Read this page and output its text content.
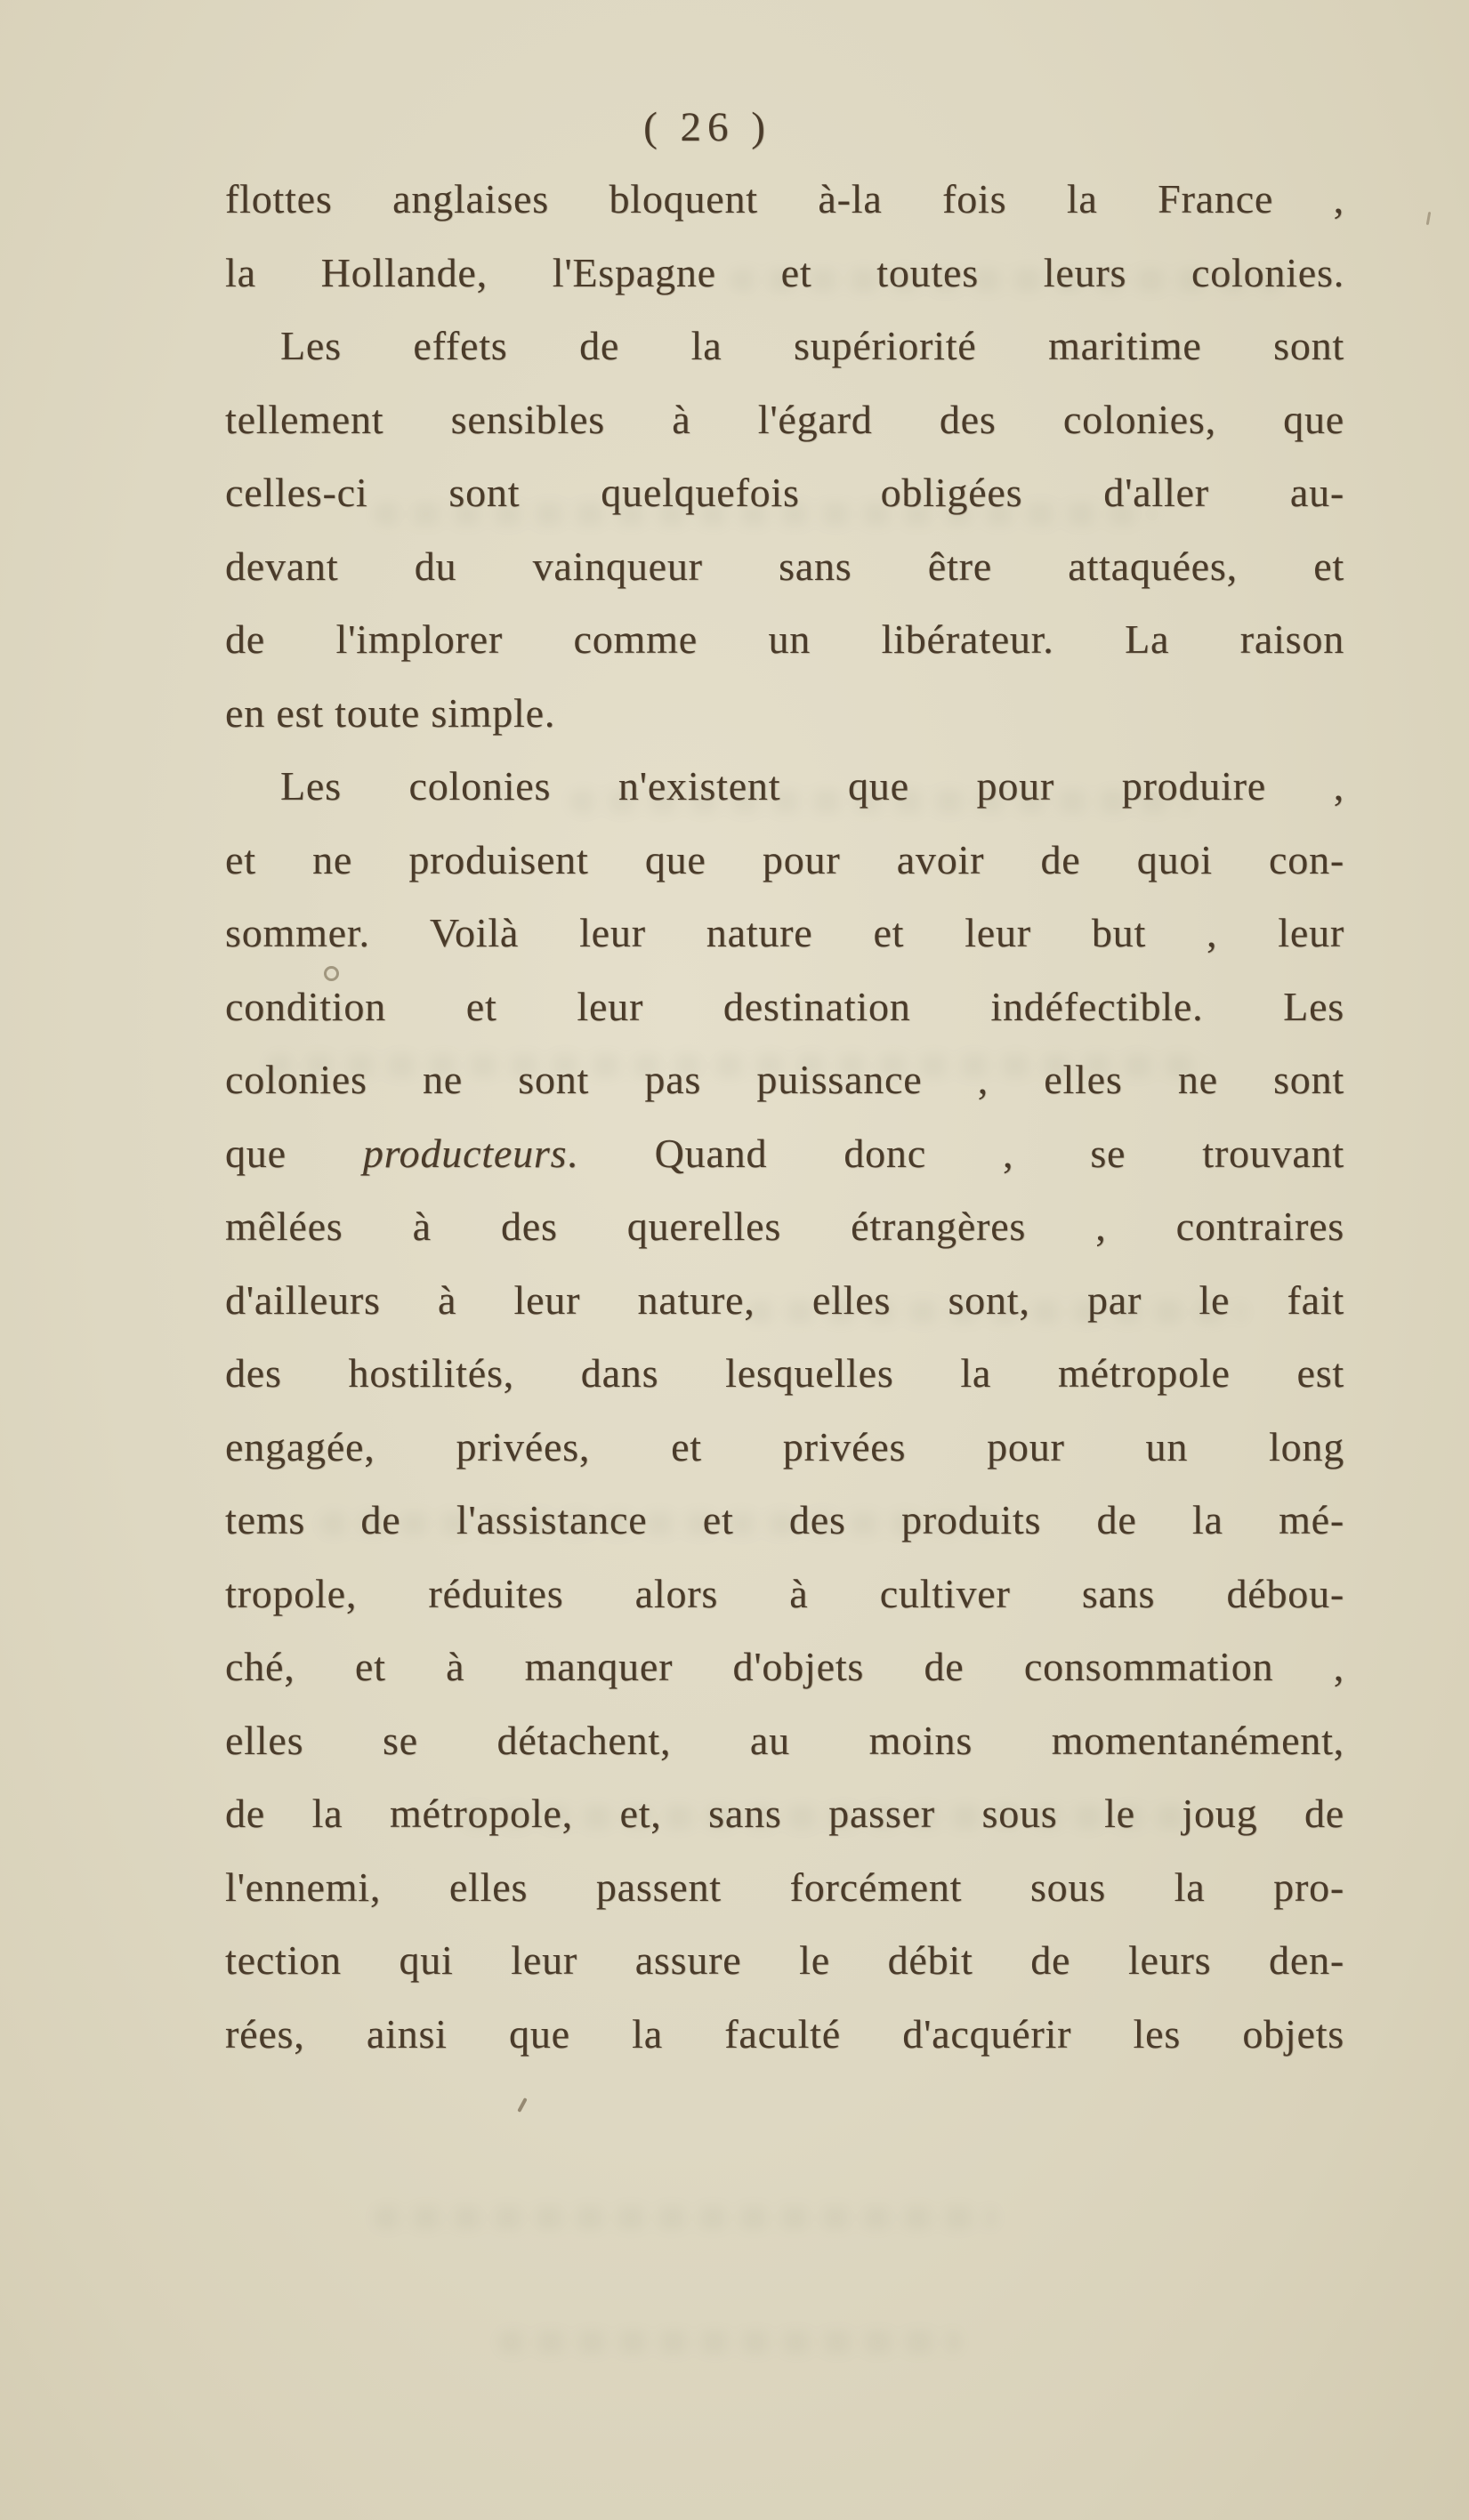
( 26 )
flottes anglaises bloquent à-la fois la France ,
la Hollande, l'Espagne et toutes leurs colonies.
Les effets de la supériorité maritime sont
tellement sensibles à l'égard des colonies, que
celles-ci sont quelquefois obligées d'aller au-
devant du vainqueur sans être attaquées, et
de l'implorer comme un libérateur. La raison
en est toute simple.
Les colonies n'existent que pour produire ,
et ne produisent que pour avoir de quoi con-
sommer. Voilà leur nature et leur but , leur
condition et leur destination indéfectible. Les
colonies ne sont pas puissance , elles ne sont
que producteurs. Quand donc , se trouvant
mêlées à des querelles étrangères , contraires
d'ailleurs à leur nature, elles sont, par le fait
des hostilités, dans lesquelles la métropole est
engagée, privées, et privées pour un long
tems de l'assistance et des produits de la mé-
tropole, réduites alors à cultiver sans débou-
ché, et à manquer d'objets de consommation ,
elles se détachent, au moins momentanément,
de la métropole, et, sans passer sous le joug de
l'ennemi, elles passent forcément sous la pro-
tection qui leur assure le débit de leurs den-
rées, ainsi que la faculté d'acquérir les objets
